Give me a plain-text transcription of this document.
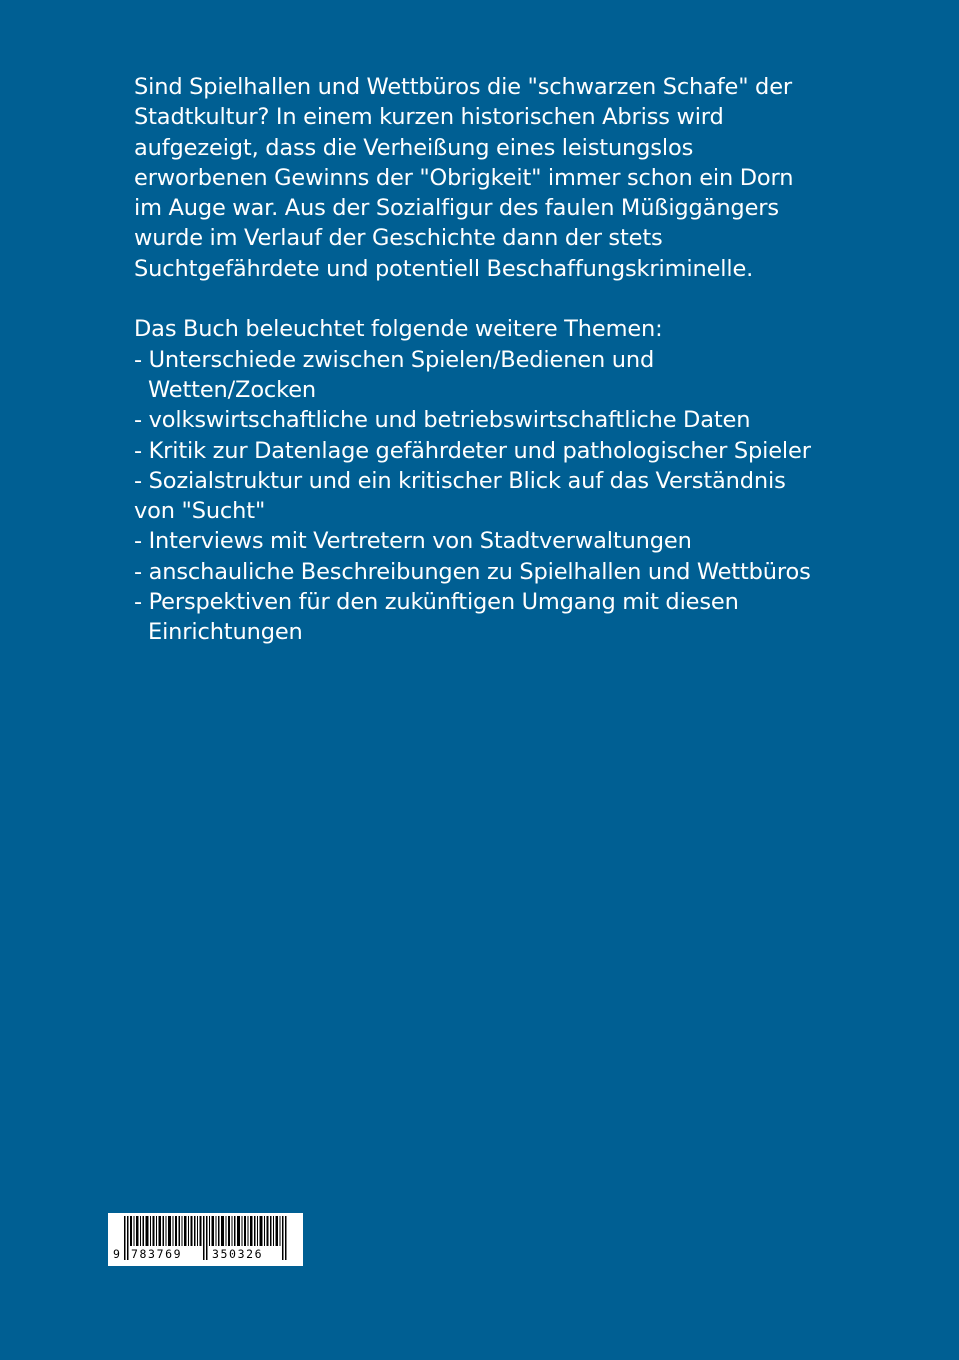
Sind Spielhallen und Wettbüros die "schwarzen Schafe" der
Stadtkultur? In einem kurzen historischen Abriss wird
aufgezeigt, dass die Verheißung eines leistungslos
erworbenen Gewinns der "Obrigkeit" immer schon ein Dorn
im Auge war. Aus der Sozialfigur des faulen Müßiggängers
wurde im Verlauf der Geschichte dann der stets
Suchtgefährdete und potentiell Beschaffungskriminelle.

Das Buch beleuchtet folgende weitere Themen:
- Unterschiede zwischen Spielen/Bedienen und
Wetten/Zocken
- volkswirtschaftliche und betriebswirtschaftliche Daten
- Kritik zur Datenlage gefährdeter und pathologischer Spieler
- Sozialstruktur und ein kritischer Blick auf das Verständnis
von "Sucht"
- Interviews mit Vertretern von Stadtverwaltungen
- anschauliche Beschreibungen zu Spielhallen und Wettbüros
- Perspektiven für den zukünftigen Umgang mit diesen
Einrichtungen
9 783769	350326
